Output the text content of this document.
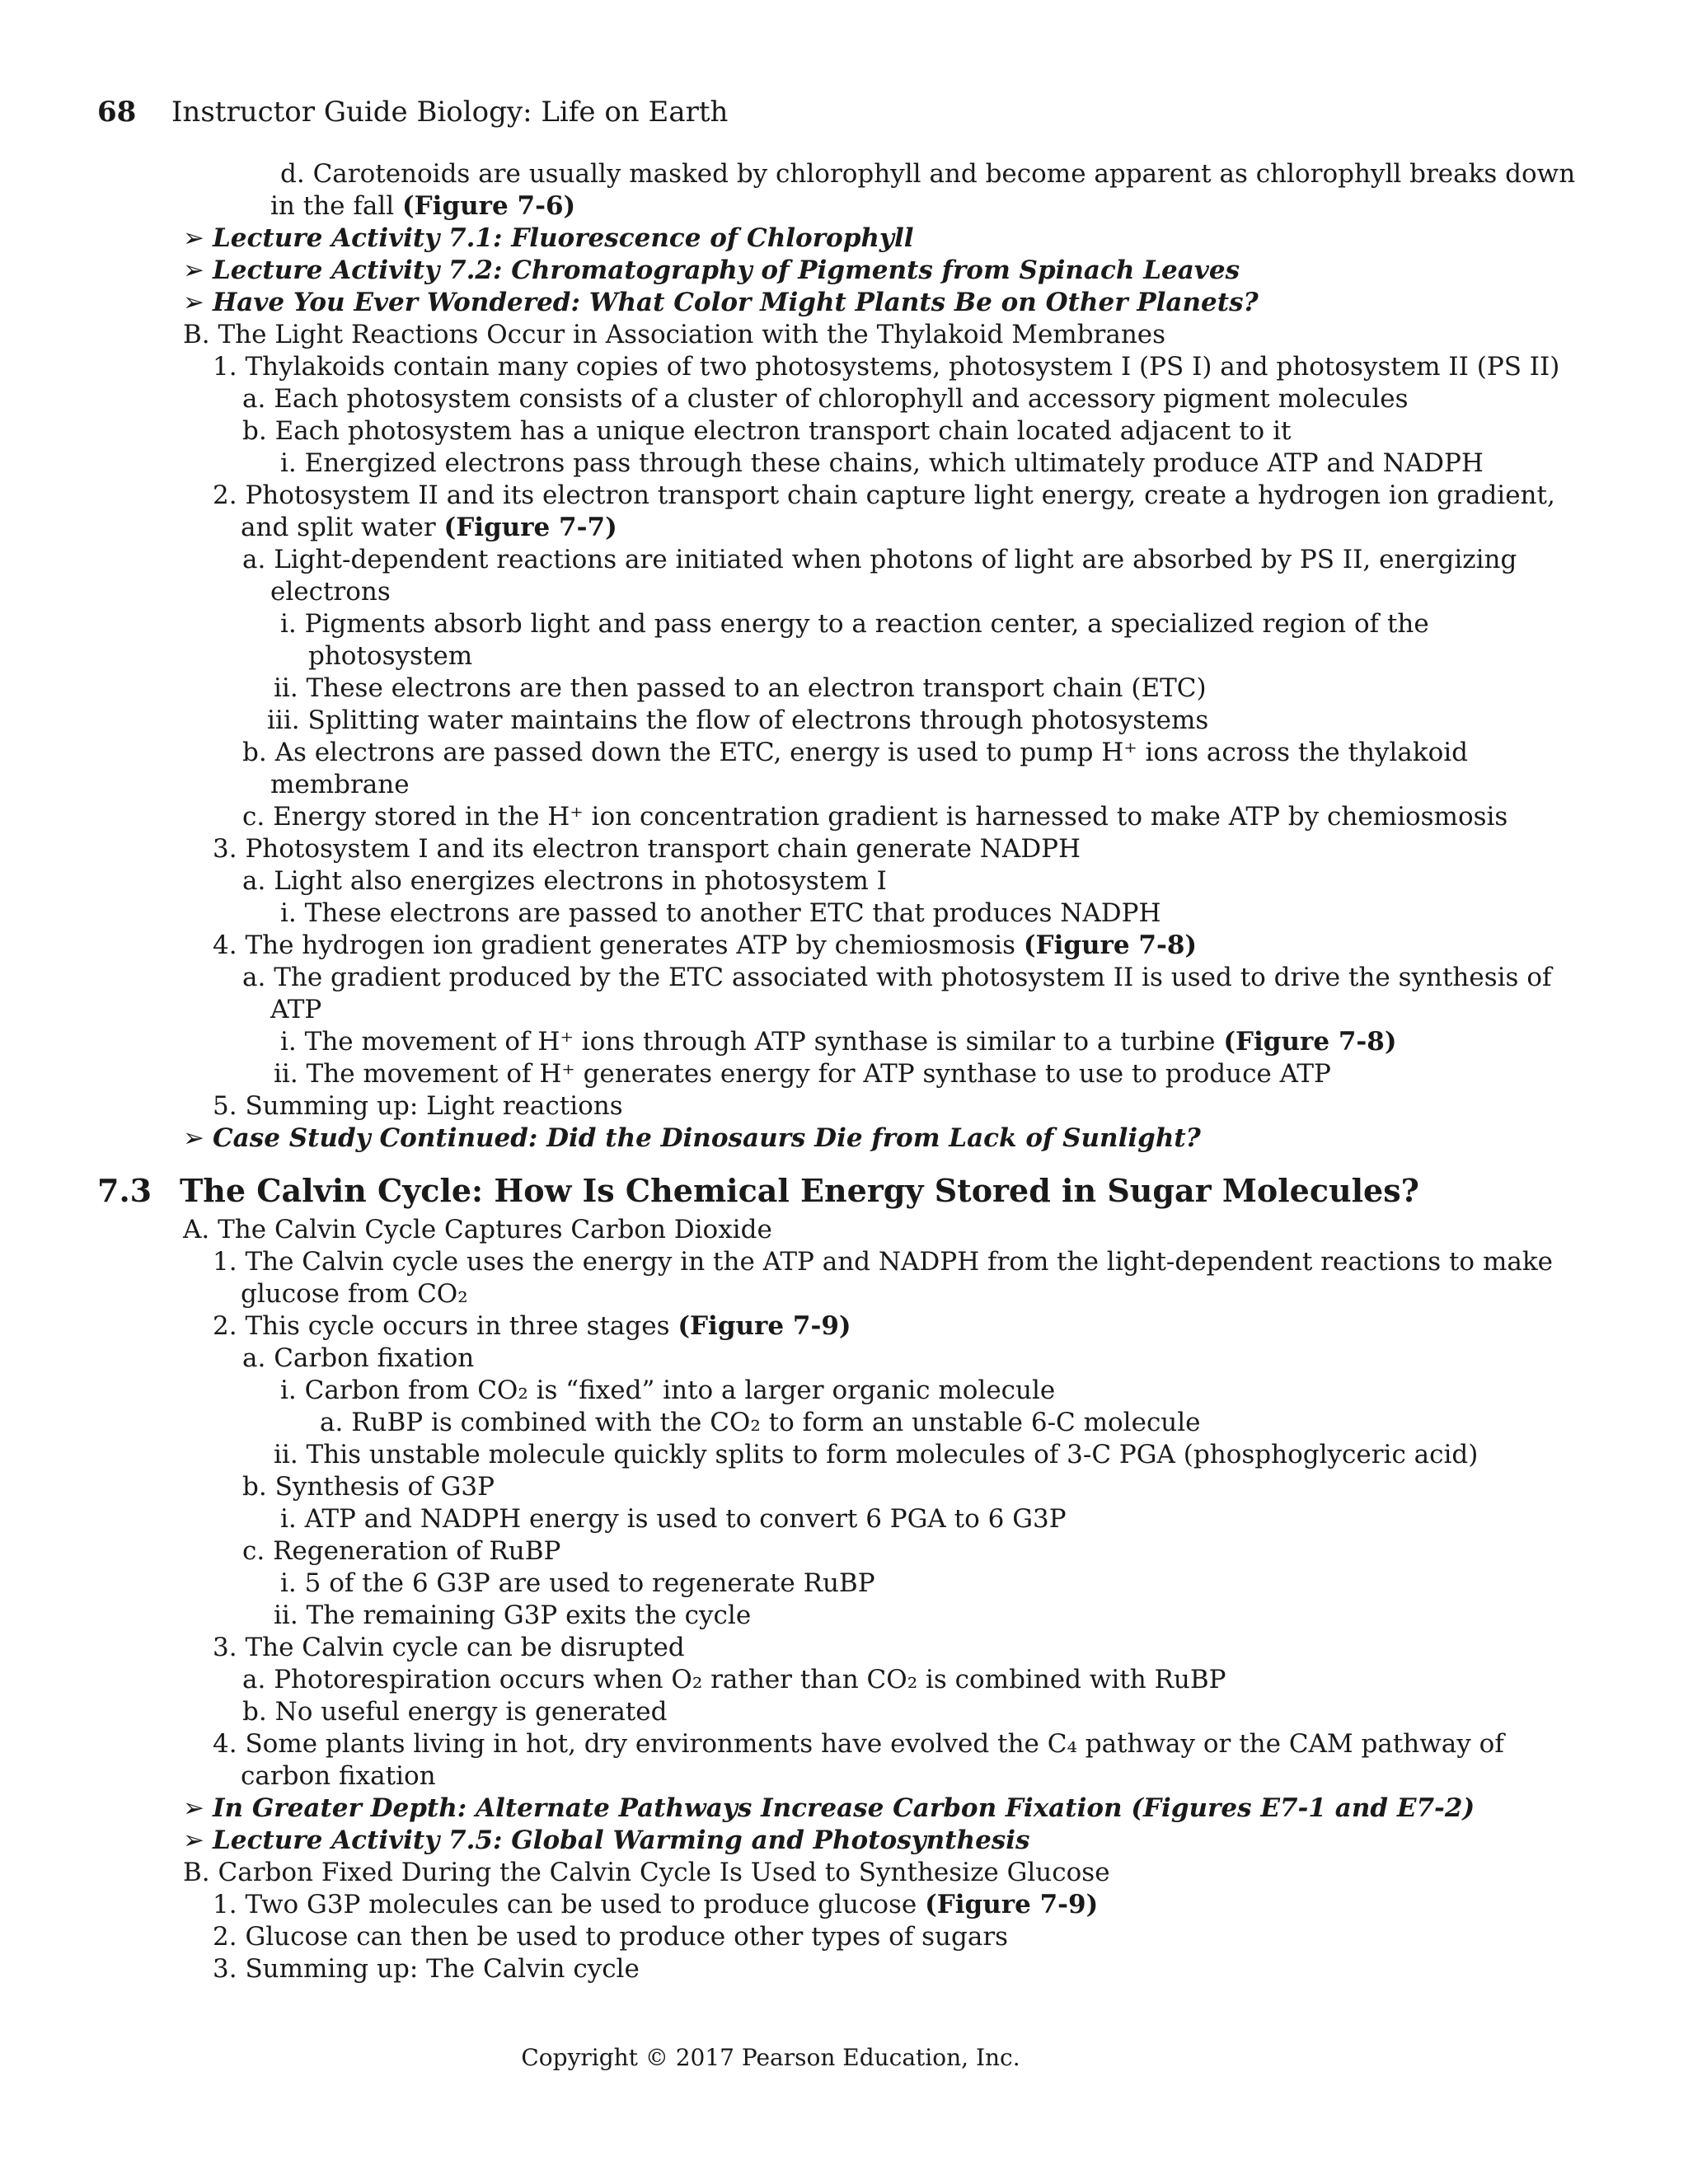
68 Instructor Guide Biology: Life on Earth
d. Carotenoids are usually masked by chlorophyll and become apparent as chlorophyll breaks down
in the fall (Figure 7-6)
➢ Lecture Activity 7.1: Fluorescence of Chlorophyll
➢ Lecture Activity 7.2: Chromatography of Pigments from Spinach Leaves
➢ Have You Ever Wondered: What Color Might Plants Be on Other Planets?
B. The Light Reactions Occur in Association with the Thylakoid Membranes
1. Thylakoids contain many copies of two photosystems, photosystem I (PS I) and photosystem II (PS II)
a. Each photosystem consists of a cluster of chlorophyll and accessory pigment molecules
b. Each photosystem has a unique electron transport chain located adjacent to it
i. Energized electrons pass through these chains, which ultimately produce ATP and NADPH
2. Photosystem II and its electron transport chain capture light energy, create a hydrogen ion gradient,
and split water (Figure 7-7)
a. Light-dependent reactions are initiated when photons of light are absorbed by PS II, energizing
electrons
i. Pigments absorb light and pass energy to a reaction center, a specialized region of the
photosystem
ii. These electrons are then passed to an electron transport chain (ETC)
iii. Splitting water maintains the flow of electrons through photosystems
b. As electrons are passed down the ETC, energy is used to pump H⁺ ions across the thylakoid
membrane
c. Energy stored in the H⁺ ion concentration gradient is harnessed to make ATP by chemiosmosis
3. Photosystem I and its electron transport chain generate NADPH
a. Light also energizes electrons in photosystem I
i. These electrons are passed to another ETC that produces NADPH
4. The hydrogen ion gradient generates ATP by chemiosmosis (Figure 7-8)
a. The gradient produced by the ETC associated with photosystem II is used to drive the synthesis of
ATP
i. The movement of H⁺ ions through ATP synthase is similar to a turbine (Figure 7-8)
ii. The movement of H⁺ generates energy for ATP synthase to use to produce ATP
5. Summing up: Light reactions
➢ Case Study Continued: Did the Dinosaurs Die from Lack of Sunlight?
7.3 The Calvin Cycle: How Is Chemical Energy Stored in Sugar Molecules?
A. The Calvin Cycle Captures Carbon Dioxide
1. The Calvin cycle uses the energy in the ATP and NADPH from the light-dependent reactions to make
glucose from CO₂
2. This cycle occurs in three stages (Figure 7-9)
a. Carbon fixation
i. Carbon from CO₂ is “fixed” into a larger organic molecule
a. RuBP is combined with the CO₂ to form an unstable 6-C molecule
ii. This unstable molecule quickly splits to form molecules of 3-C PGA (phosphoglyceric acid)
b. Synthesis of G3P
i. ATP and NADPH energy is used to convert 6 PGA to 6 G3P
c. Regeneration of RuBP
i. 5 of the 6 G3P are used to regenerate RuBP
ii. The remaining G3P exits the cycle
3. The Calvin cycle can be disrupted
a. Photorespiration occurs when O₂ rather than CO₂ is combined with RuBP
b. No useful energy is generated
4. Some plants living in hot, dry environments have evolved the C₄ pathway or the CAM pathway of
carbon fixation
➢ In Greater Depth: Alternate Pathways Increase Carbon Fixation (Figures E7-1 and E7-2)
➢ Lecture Activity 7.5: Global Warming and Photosynthesis
B. Carbon Fixed During the Calvin Cycle Is Used to Synthesize Glucose
1. Two G3P molecules can be used to produce glucose (Figure 7-9)
2. Glucose can then be used to produce other types of sugars
3. Summing up: The Calvin cycle
Copyright © 2017 Pearson Education, Inc.
